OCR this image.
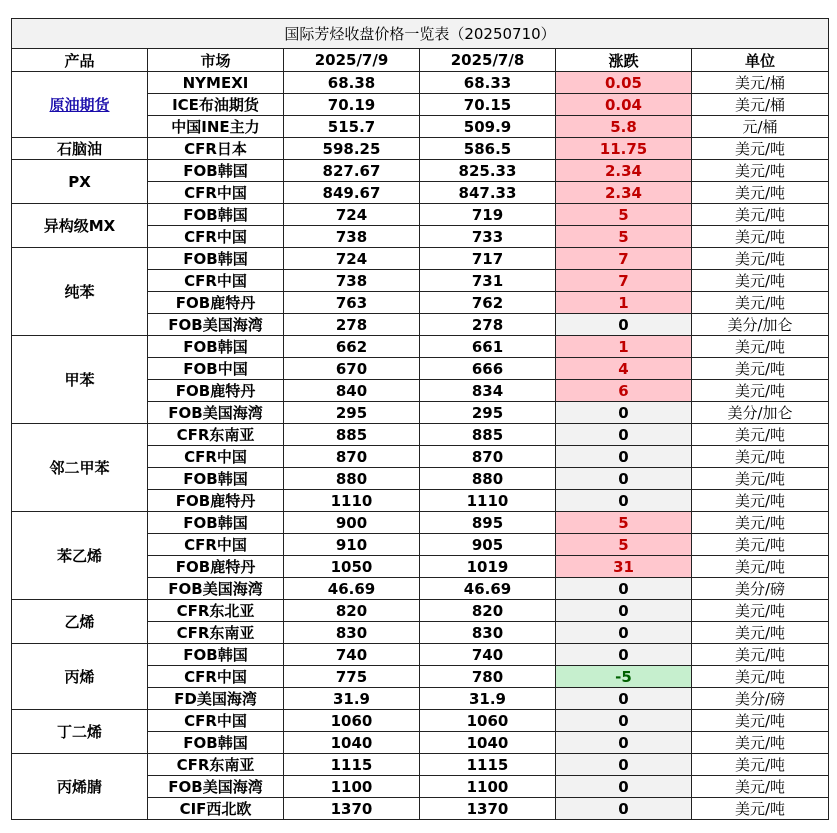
国际芳烃收盘价格一览表（20250710）					
产品	市场	2025/7/9	2025/7/8	涨跌	单位
原油期货	NYMEXI	68.38	68.33	0.05	美元/桶
	ICE布油期货	70.19	70.15	0.04	美元/桶
	中国INE主力	515.7	509.9	5.8	元/桶
石脑油	CFR日本	598.25	586.5	11.75	美元/吨
PX	FOB韩国	827.67	825.33	2.34	美元/吨
	CFR中国	849.67	847.33	2.34	美元/吨
异构级MX	FOB韩国	724	719	5	美元/吨
	CFR中国	738	733	5	美元/吨
纯苯	FOB韩国	724	717	7	美元/吨
	CFR中国	738	731	7	美元/吨
	FOB鹿特丹	763	762	1	美元/吨
	FOB美国海湾	278	278	0	美分/加仑
甲苯	FOB韩国	662	661	1	美元/吨
	FOB中国	670	666	4	美元/吨
	FOB鹿特丹	840	834	6	美元/吨
	FOB美国海湾	295	295	0	美分/加仑
邻二甲苯	CFR东南亚	885	885	0	美元/吨
	CFR中国	870	870	0	美元/吨
	FOB韩国	880	880	0	美元/吨
	FOB鹿特丹	1110	1110	0	美元/吨
苯乙烯	FOB韩国	900	895	5	美元/吨
	CFR中国	910	905	5	美元/吨
	FOB鹿特丹	1050	1019	31	美元/吨
	FOB美国海湾	46.69	46.69	0	美分/磅
乙烯	CFR东北亚	820	820	0	美元/吨
	CFR东南亚	830	830	0	美元/吨
丙烯	FOB韩国	740	740	0	美元/吨
	CFR中国	775	780	-5	美元/吨
	FD美国海湾	31.9	31.9	0	美分/磅
丁二烯	CFR中国	1060	1060	0	美元/吨
	FOB韩国	1040	1040	0	美元/吨
丙烯腈	CFR东南亚	1115	1115	0	美元/吨
	FOB美国海湾	1100	1100	0	美元/吨
	CIF西北欧	1370	1370	0	美元/吨
